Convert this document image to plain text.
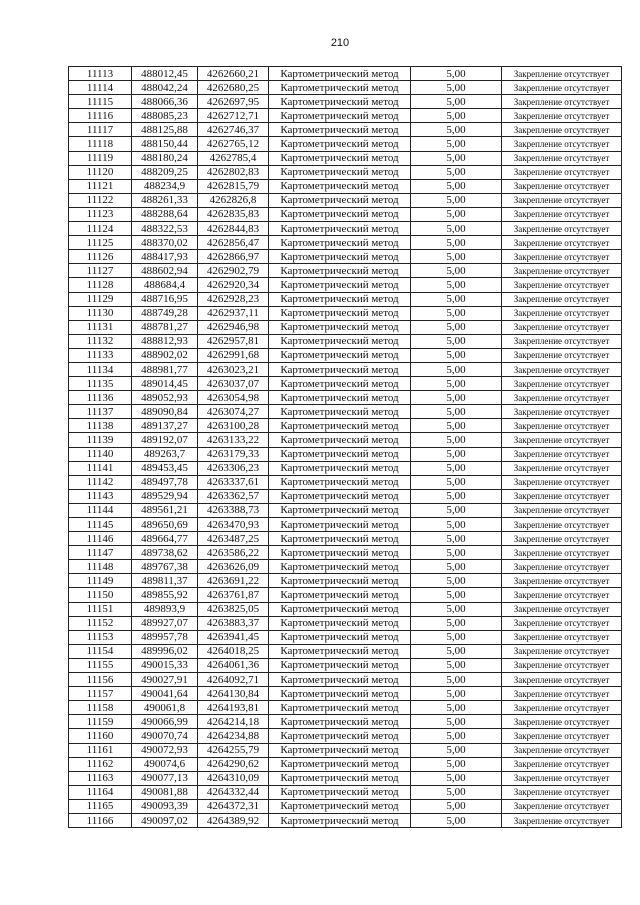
210
11113	488012,45	4262660,21	Картометрический метод	5,00	Закрепление отсутствует
11114	488042,24	4262680,25	Картометрический метод	5,00	Закрепление отсутствует
11115	488066,36	4262697,95	Картометрический метод	5,00	Закрепление отсутствует
11116	488085,23	4262712,71	Картометрический метод	5,00	Закрепление отсутствует
11117	488125,88	4262746,37	Картометрический метод	5,00	Закрепление отсутствует
11118	488150,44	4262765,12	Картометрический метод	5,00	Закрепление отсутствует
11119	488180,24	4262785,4	Картометрический метод	5,00	Закрепление отсутствует
11120	488209,25	4262802,83	Картометрический метод	5,00	Закрепление отсутствует
11121	488234,9	4262815,79	Картометрический метод	5,00	Закрепление отсутствует
11122	488261,33	4262826,8	Картометрический метод	5,00	Закрепление отсутствует
11123	488288,64	4262835,83	Картометрический метод	5,00	Закрепление отсутствует
11124	488322,53	4262844,83	Картометрический метод	5,00	Закрепление отсутствует
11125	488370,02	4262856,47	Картометрический метод	5,00	Закрепление отсутствует
11126	488417,93	4262866,97	Картометрический метод	5,00	Закрепление отсутствует
11127	488602,94	4262902,79	Картометрический метод	5,00	Закрепление отсутствует
11128	488684,4	4262920,34	Картометрический метод	5,00	Закрепление отсутствует
11129	488716,95	4262928,23	Картометрический метод	5,00	Закрепление отсутствует
11130	488749,28	4262937,11	Картометрический метод	5,00	Закрепление отсутствует
11131	488781,27	4262946,98	Картометрический метод	5,00	Закрепление отсутствует
11132	488812,93	4262957,81	Картометрический метод	5,00	Закрепление отсутствует
11133	488902,02	4262991,68	Картометрический метод	5,00	Закрепление отсутствует
11134	488981,77	4263023,21	Картометрический метод	5,00	Закрепление отсутствует
11135	489014,45	4263037,07	Картометрический метод	5,00	Закрепление отсутствует
11136	489052,93	4263054,98	Картометрический метод	5,00	Закрепление отсутствует
11137	489090,84	4263074,27	Картометрический метод	5,00	Закрепление отсутствует
11138	489137,27	4263100,28	Картометрический метод	5,00	Закрепление отсутствует
11139	489192,07	4263133,22	Картометрический метод	5,00	Закрепление отсутствует
11140	489263,7	4263179,33	Картометрический метод	5,00	Закрепление отсутствует
11141	489453,45	4263306,23	Картометрический метод	5,00	Закрепление отсутствует
11142	489497,78	4263337,61	Картометрический метод	5,00	Закрепление отсутствует
11143	489529,94	4263362,57	Картометрический метод	5,00	Закрепление отсутствует
11144	489561,21	4263388,73	Картометрический метод	5,00	Закрепление отсутствует
11145	489650,69	4263470,93	Картометрический метод	5,00	Закрепление отсутствует
11146	489664,77	4263487,25	Картометрический метод	5,00	Закрепление отсутствует
11147	489738,62	4263586,22	Картометрический метод	5,00	Закрепление отсутствует
11148	489767,38	4263626,09	Картометрический метод	5,00	Закрепление отсутствует
11149	489811,37	4263691,22	Картометрический метод	5,00	Закрепление отсутствует
11150	489855,92	4263761,87	Картометрический метод	5,00	Закрепление отсутствует
11151	489893,9	4263825,05	Картометрический метод	5,00	Закрепление отсутствует
11152	489927,07	4263883,37	Картометрический метод	5,00	Закрепление отсутствует
11153	489957,78	4263941,45	Картометрический метод	5,00	Закрепление отсутствует
11154	489996,02	4264018,25	Картометрический метод	5,00	Закрепление отсутствует
11155	490015,33	4264061,36	Картометрический метод	5,00	Закрепление отсутствует
11156	490027,91	4264092,71	Картометрический метод	5,00	Закрепление отсутствует
11157	490041,64	4264130,84	Картометрический метод	5,00	Закрепление отсутствует
11158	490061,8	4264193,81	Картометрический метод	5,00	Закрепление отсутствует
11159	490066,99	4264214,18	Картометрический метод	5,00	Закрепление отсутствует
11160	490070,74	4264234,88	Картометрический метод	5,00	Закрепление отсутствует
11161	490072,93	4264255,79	Картометрический метод	5,00	Закрепление отсутствует
11162	490074,6	4264290,62	Картометрический метод	5,00	Закрепление отсутствует
11163	490077,13	4264310,09	Картометрический метод	5,00	Закрепление отсутствует
11164	490081,88	4264332,44	Картометрический метод	5,00	Закрепление отсутствует
11165	490093,39	4264372,31	Картометрический метод	5,00	Закрепление отсутствует
11166	490097,02	4264389,92	Картометрический метод	5,00	Закрепление отсутствует
